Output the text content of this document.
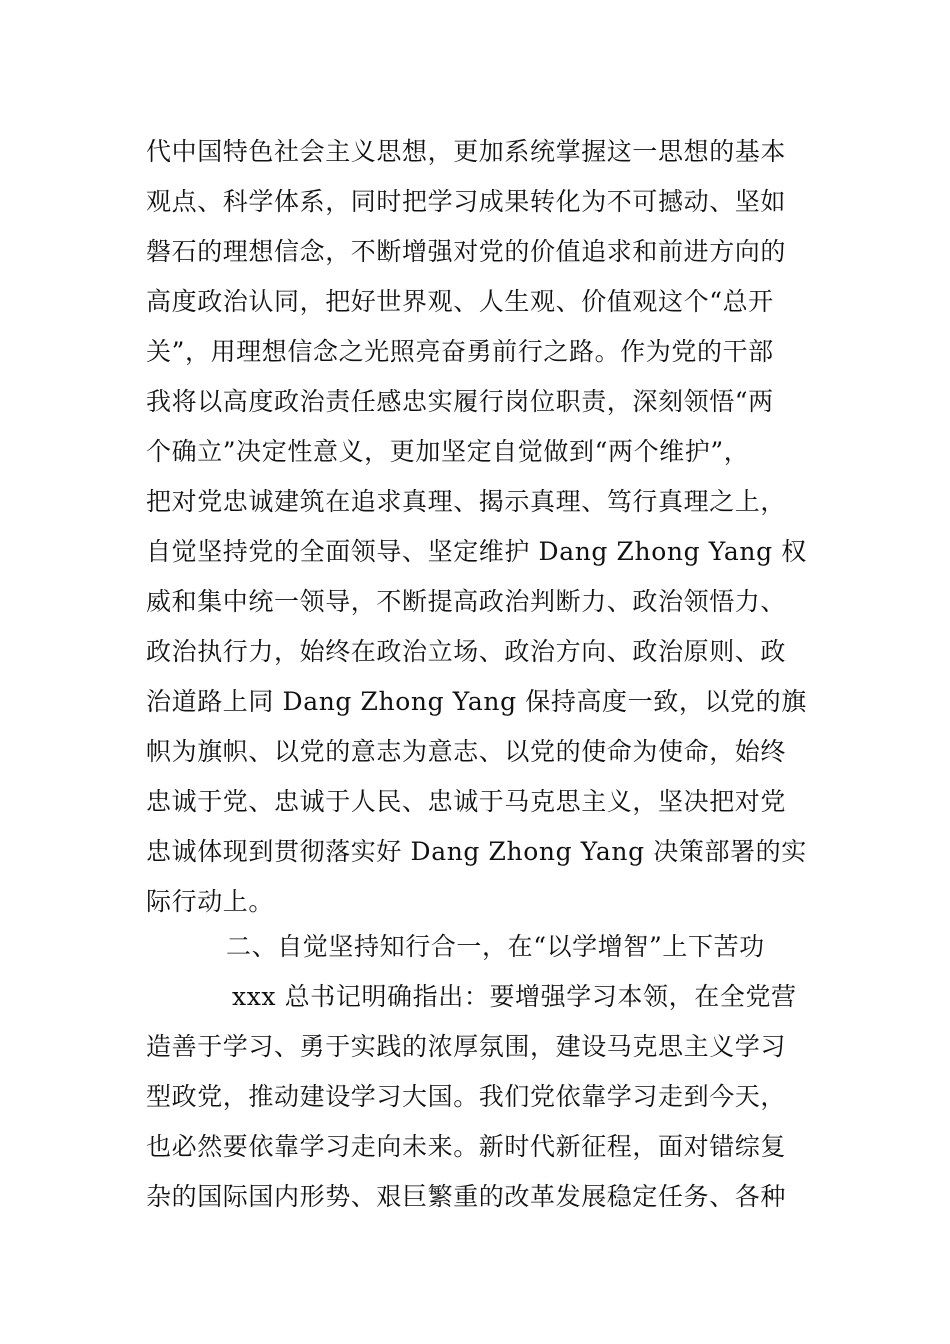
代中国特色社会主义思想，更加系统掌握这一思想的基本
观点、科学体系，同时把学习成果转化为不可撼动、坚如
磐石的理想信念，不断增强对党的价值追求和前进方向的
高度政治认同，把好世界观、人生观、价值观这个“总开
关”，用理想信念之光照亮奋勇前行之路。作为党的干部
我将以高度政治责任感忠实履行岗位职责，深刻领悟“两
个确立”决定性意义，更加坚定自觉做到“两个维护”，
把对党忠诚建筑在追求真理、揭示真理、笃行真理之上，
自觉坚持党的全面领导、坚定维护 Dang Zhong Yang 权
威和集中统一领导，不断提高政治判断力、政治领悟力、
政治执行力，始终在政治立场、政治方向、政治原则、政
治道路上同 Dang Zhong Yang 保持高度一致，以党的旗
帜为旗帜、以党的意志为意志、以党的使命为使命，始终
忠诚于党、忠诚于人民、忠诚于马克思主义，坚决把对党
忠诚体现到贯彻落实好 Dang Zhong Yang 决策部署的实
际行动上。
二、自觉坚持知行合一，在“以学增智”上下苦功
xxx 总书记明确指出：要增强学习本领，在全党营
造善于学习、勇于实践的浓厚氛围，建设马克思主义学习
型政党，推动建设学习大国。我们党依靠学习走到今天，
也必然要依靠学习走向未来。新时代新征程，面对错综复
杂的国际国内形势、艰巨繁重的改革发展稳定任务、各种
